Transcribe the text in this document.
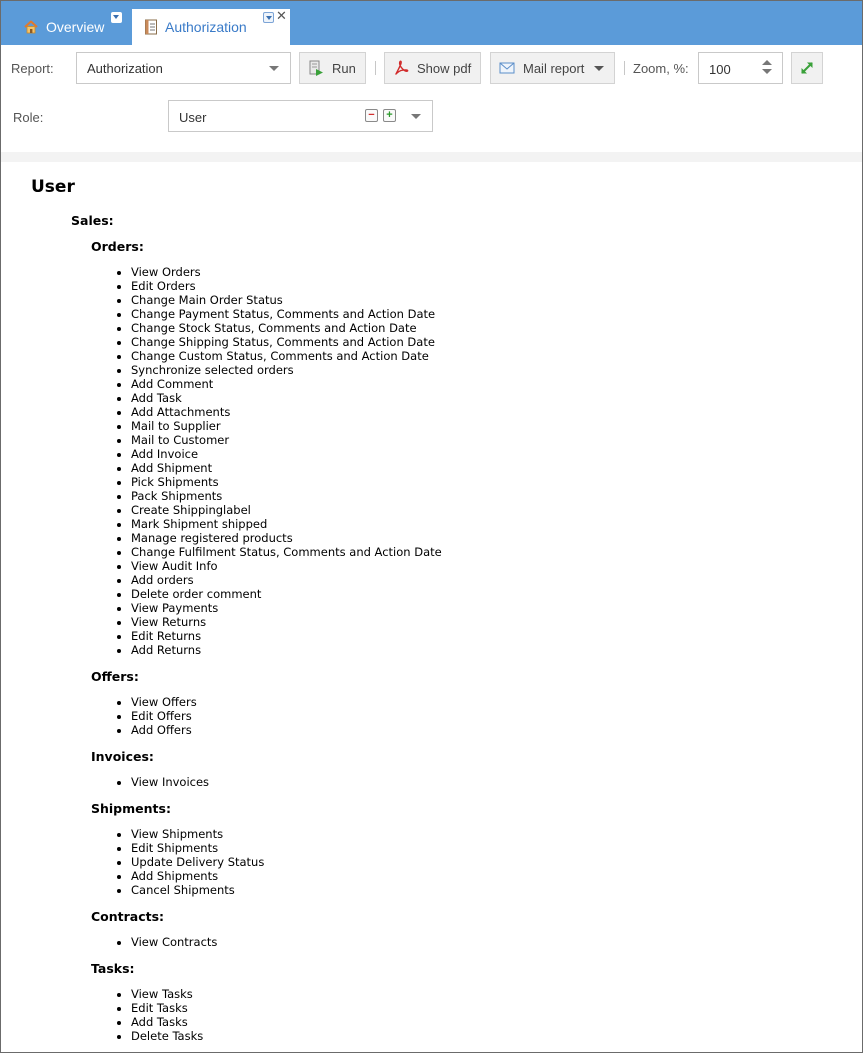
Overview	Authorization
✕
Report:	Authorization	Run	Show pdf	Mail report	Zoom, %: 100
Role:	User	− +
User

Sales:

Orders:

• View Orders
• Edit Orders
• Change Main Order Status
• Change Payment Status, Comments and Action Date
• Change Stock Status, Comments and Action Date
• Change Shipping Status, Comments and Action Date
• Change Custom Status, Comments and Action Date
• Synchronize selected orders
• Add Comment
• Add Task
• Add Attachments
• Mail to Supplier
• Mail to Customer
• Add Invoice
• Add Shipment
• Pick Shipments
• Pack Shipments
• Create Shippinglabel
• Mark Shipment shipped
• Manage registered products
• Change Fulfilment Status, Comments and Action Date
• View Audit Info
• Add orders
• Delete order comment
• View Payments
• View Returns
• Edit Returns
• Add Returns

Offers:

• View Offers
• Edit Offers
• Add Offers

Invoices:

• View Invoices

Shipments:

• View Shipments
• Edit Shipments
• Update Delivery Status
• Add Shipments
• Cancel Shipments

Contracts:

• View Contracts

Tasks:

• View Tasks
• Edit Tasks
• Add Tasks
• Delete Tasks
